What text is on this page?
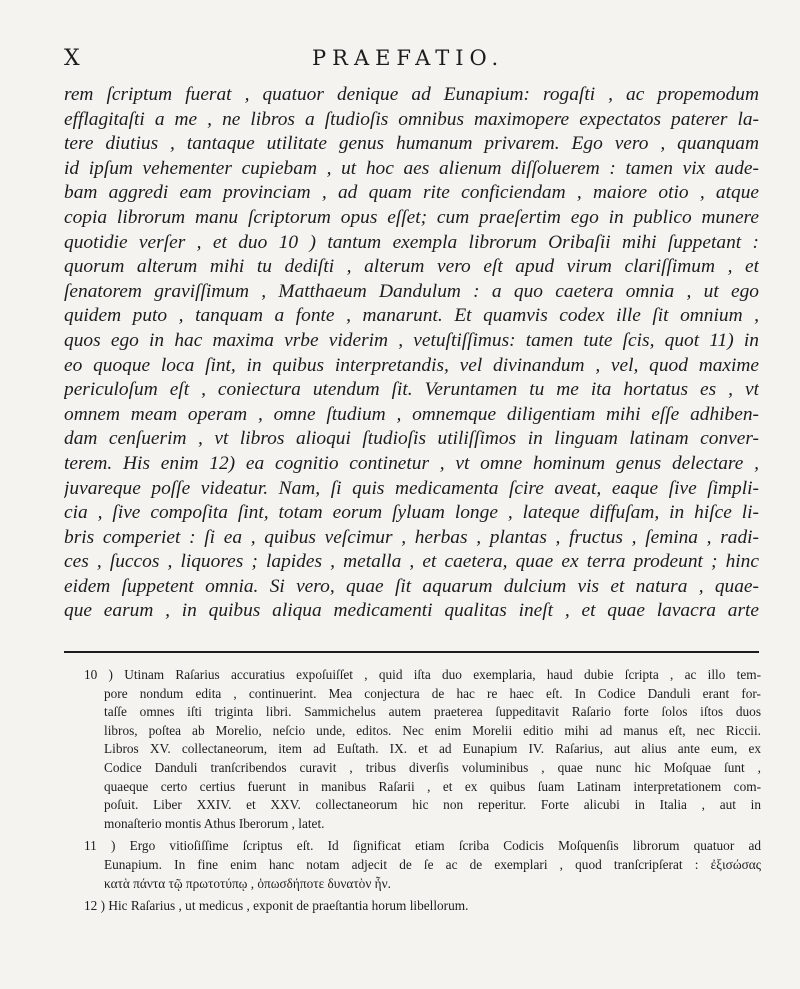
X	PRAEFATIO.
rem ſcriptum fuerat , quatuor denique ad Eunapium: rogaſti , ac propemodum
efflagitaſti a me , ne libros a ſtudioſis omnibus maximopere expectatos paterer la-
tere diutius , tantaque utilitate genus humanum privarem. Ego vero , quanquam
id ipſum vehementer cupiebam , ut hoc aes alienum diſſoluerem : tamen vix aude-
bam aggredi eam provinciam , ad quam rite conficiendam , maiore otio , atque
copia librorum manu ſcriptorum opus eſſet; cum praeſertim ego in publico munere
quotidie verſer , et duo 10 ) tantum exempla librorum Oribaſii mihi ſuppetant :
quorum alterum mihi tu dediſti , alterum vero eſt apud virum clariſſimum , et
ſenatorem graviſſimum , Matthaeum Dandulum : a quo caetera omnia , ut ego
quidem puto , tanquam a fonte , manarunt. Et quamvis codex ille ſit omnium ,
quos ego in hac maxima vrbe viderim , vetuſtiſſimus: tamen tute ſcis, quot 11) in
eo quoque loca ſint, in quibus interpretandis, vel divinandum , vel, quod maxime
periculoſum eſt , coniectura utendum ſit. Veruntamen tu me ita hortatus es , vt
omnem meam operam , omne ſtudium , omnemque diligentiam mihi eſſe adhiben-
dam cenſuerim , vt libros alioqui ſtudioſis utiliſſimos in linguam latinam conver-
terem. His enim 12) ea cognitio continetur , vt omne hominum genus delectare ,
juvareque poſſe videatur. Nam, ſi quis medicamenta ſcire aveat, eaque ſive ſimpli-
cia , ſive compoſita ſint, totam eorum ſyluam longe , lateque diffuſam, in hiſce li-
bris comperiet : ſi ea , quibus veſcimur , herbas , plantas , fructus , ſemina , radi-
ces , ſuccos , liquores ; lapides , metalla , et caetera, quae ex terra prodeunt ; hinc
eidem ſuppetent omnia. Si vero, quae ſit aquarum dulcium vis et natura , quae-
que earum , in quibus aliqua medicamenti qualitas ineſt , et quae lavacra arte
10 ) Utinam Raſarius accuratius expoſuiſſet , quid iſta duo exemplaria, haud dubie ſcripta , ac illo tem-
pore nondum edita , continuerint. Mea conjectura de hac re haec eſt. In Codice Danduli erant for-
taſſe omnes iſti triginta libri. Sammichelus autem praeterea ſuppeditavit Raſario forte ſolos iſtos duos
libros, poſtea ab Morelio, neſcio unde, editos. Nec enim Morelii editio mihi ad manus eſt, nec Riccii.
Libros XV. collectaneorum, item ad Euſtath. IX. et ad Eunapium IV. Raſarius, aut alius ante eum, ex
Codice Danduli tranſcribendos curavit , tribus diverſis voluminibus , quae nunc hic Moſquae ſunt ,
quaeque certo certius fuerunt in manibus Raſarii , et ex quibus ſuam Latinam interpretationem com-
poſuit. Liber XXIV. et XXV. collectaneorum hic non reperitur. Forte alicubi in Italia , aut in
monaſterio montis Athus Iberorum , latet.
11 ) Ergo vitioſiſſime ſcriptus eſt. Id ſignificat etiam ſcriba Codicis Moſquenſis librorum quatuor ad
Eunapium. In fine enim hanc notam adjecit de ſe ac de exemplari , quod tranſcripſerat : ἐξισώσας
κατὰ πάντα τῷ πρωτοτύπῳ , ὁπωσδήποτε δυνατὸν ἦν.
12 ) Hic Raſarius , ut medicus , exponit de praeſtantia horum libellorum.
